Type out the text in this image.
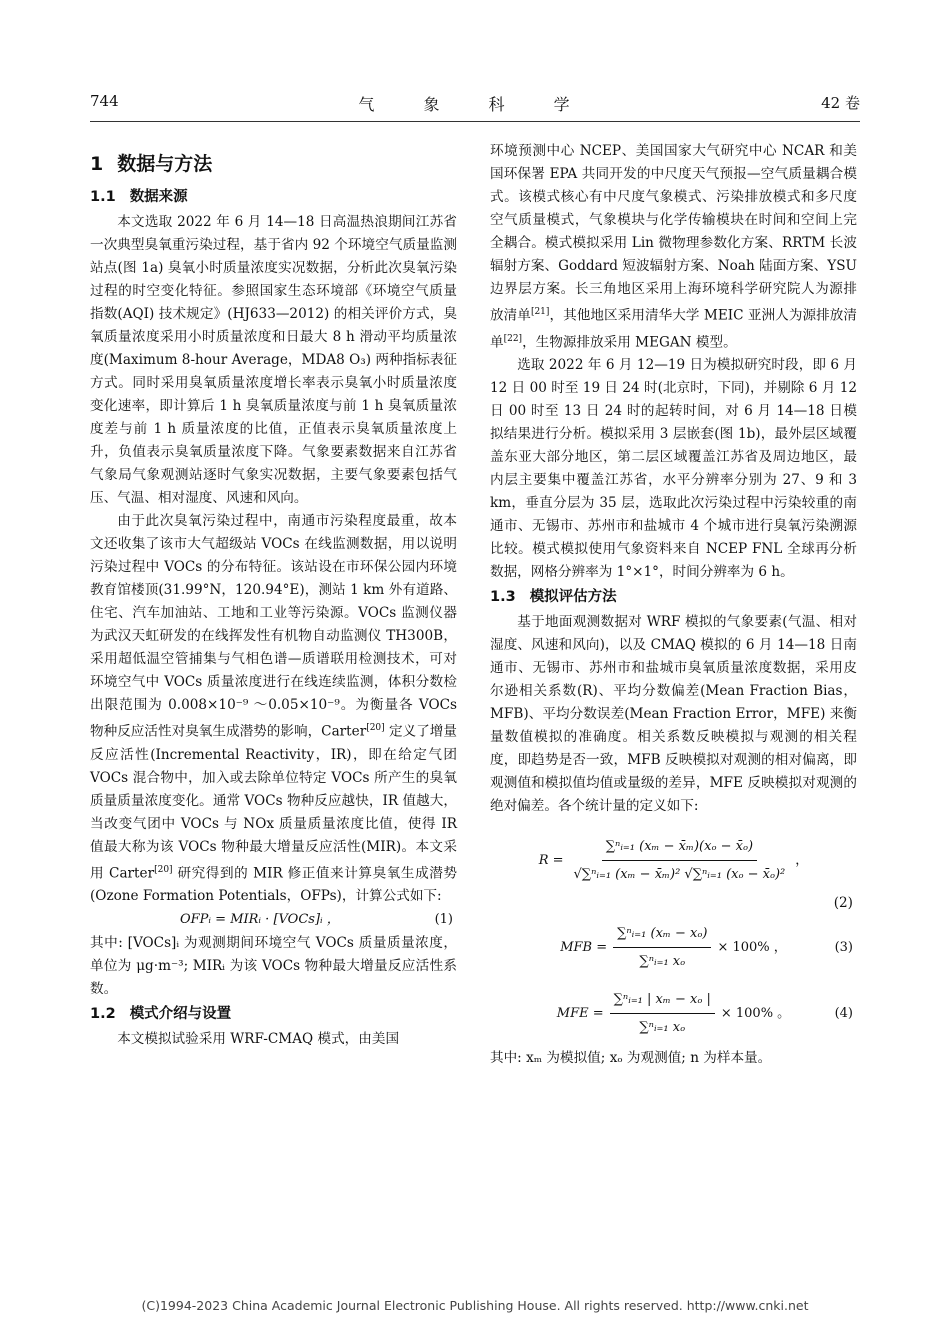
744	气 象 科 学	42 卷
1 数据与方法
1.1 数据来源

本文选取 2022 年 6 月 14—18 日高温热浪期间江苏省一次典型臭氧重污染过程，基于省内 92 个环境空气质量监测站点(图 1a) 臭氧小时质量浓度实况数据，分析此次臭氧污染过程的时空变化特征。参照国家生态环境部《环境空气质量指数(AQI) 技术规定》(HJ633—2012) 的相关评价方式，臭氧质量浓度采用小时质量浓度和日最大 8 h 滑动平均质量浓度(Maximum 8-hour Average，MDA8 O₃) 两种指标表征方式。同时采用臭氧质量浓度增长率表示臭氧小时质量浓度变化速率，即计算后 1 h 臭氧质量浓度与前 1 h 臭氧质量浓度差与前 1 h 质量浓度的比值，正值表示臭氧质量浓度上升，负值表示臭氧质量浓度下降。气象要素数据来自江苏省气象局气象观测站逐时气象实况数据，主要气象要素包括气压、气温、相对湿度、风速和风向。

由于此次臭氧污染过程中，南通市污染程度最重，故本文还收集了该市大气超级站 VOCs 在线监测数据，用以说明污染过程中 VOCs 的分布特征。该站设在市环保公园内环境教育馆楼顶(31.99°N，120.94°E)，测站 1 km 外有道路、住宅、汽车加油站、工地和工业等污染源。VOCs 监测仪器为武汉天虹研发的在线挥发性有机物自动监测仪 TH300B，采用超低温空管捕集与气相色谱—质谱联用检测技术，可对环境空气中 VOCs 质量浓度进行在线连续监测，体积分数检出限范围为 0.008×10⁻⁹ ～0.05×10⁻⁹。为衡量各 VOCs 物种反应活性对臭氧生成潜势的影响，Carter[20] 定义了增量反应活性(Incremental Reactivity，IR)，即在给定气团 VOCs 混合物中，加入或去除单位特定 VOCs 所产生的臭氧质量质量浓度变化。通常 VOCs 物种反应越快，IR 值越大，当改变气团中 VOCs 与 NOx 质量质量浓度比值，使得 IR 值最大称为该 VOCs 物种最大增量反应活性(MIR)。本文采用 Carter[20] 研究得到的 MIR 修正值来计算臭氧生成潜势(Ozone Formation Potentials，OFPs)，计算公式如下:

OFPᵢ = MIRᵢ · [VOCs]ᵢ ，	(1)

其中: [VOCs]ᵢ 为观测期间环境空气 VOCs 质量质量浓度，单位为 μg·m⁻³; MIRᵢ 为该 VOCs 物种最大增量反应活性系数。

1.2 模式介绍与设置

本文模拟试验采用 WRF-CMAQ 模式，由美国

环境预测中心 NCEP、美国国家大气研究中心 NCAR 和美国环保署 EPA 共同开发的中尺度天气预报—空气质量耦合模式。该模式核心有中尺度气象模式、污染排放模式和多尺度空气质量模式，气象模块与化学传输模块在时间和空间上完全耦合。模式模拟采用 Lin 微物理参数化方案、RRTM 长波辐射方案、Goddard 短波辐射方案、Noah 陆面方案、YSU 边界层方案。长三角地区采用上海环境科学研究院人为源排放清单[21]，其他地区采用清华大学 MEIC 亚洲人为源排放清单[22]，生物源排放采用 MEGAN 模型。

选取 2022 年 6 月 12—19 日为模拟研究时段，即 6 月 12 日 00 时至 19 日 24 时(北京时，下同)，并剔除 6 月 12 日 00 时至 13 日 24 时的起转时间，对 6 月 14—18 日模拟结果进行分析。模拟采用 3 层嵌套(图 1b)，最外层区域覆盖东亚大部分地区，第二层区域覆盖江苏省及周边地区，最内层主要集中覆盖江苏省，水平分辨率分别为 27、9 和 3 km，垂直分层为 35 层，选取此次污染过程中污染较重的南通市、无锡市、苏州市和盐城市 4 个城市进行臭氧污染溯源比较。模式模拟使用气象资料来自 NCEP FNL 全球再分析数据，网格分辨率为 1°×1°，时间分辨率为 6 h。

1.3 模拟评估方法

基于地面观测数据对 WRF 模拟的气象要素(气温、相对湿度、风速和风向)，以及 CMAQ 模拟的 6 月 14—18 日南通市、无锡市、苏州市和盐城市臭氧质量浓度数据，采用皮尔逊相关系数(R)、平均分数偏差(Mean Fraction Bias，MFB)、平均分数误差(Mean Fraction Error，MFE) 来衡量数值模拟的准确度。相关系数反映模拟与观测的相关程度，即趋势是否一致，MFB 反映模拟对观测的相对偏离，即观测值和模拟值均值或量级的差异，MFE 反映模拟对观测的绝对偏差。各个统计量的定义如下:

$R = \frac{\text{∑ⁿᵢ₌₁ (xₘ − x̄ₘ)(xₒ − x̄ₒ)}}{\text{√∑ⁿᵢ₌₁ (xₘ − x̄ₘ)² √∑ⁿᵢ₌₁ (xₒ − x̄ₒ)²}}$ ，
(2)
MFB = $\frac{\text{∑ⁿᵢ₌₁ (xₘ − xₒ)}}{\text{∑ⁿᵢ₌₁ xₒ}} \times 100\%$ ，	(3)
MFE = $\frac{\text{∑ⁿᵢ₌₁ | xₘ − xₒ |}}{\text{∑ⁿᵢ₌₁ xₒ}} \times 100\%$ 。	(4)

其中: xₘ 为模拟值; xₒ 为观测值; n 为样本量。

(C)1994-2023 China Academic Journal Electronic Publishing House. All rights reserved. http://www.cnki.net
